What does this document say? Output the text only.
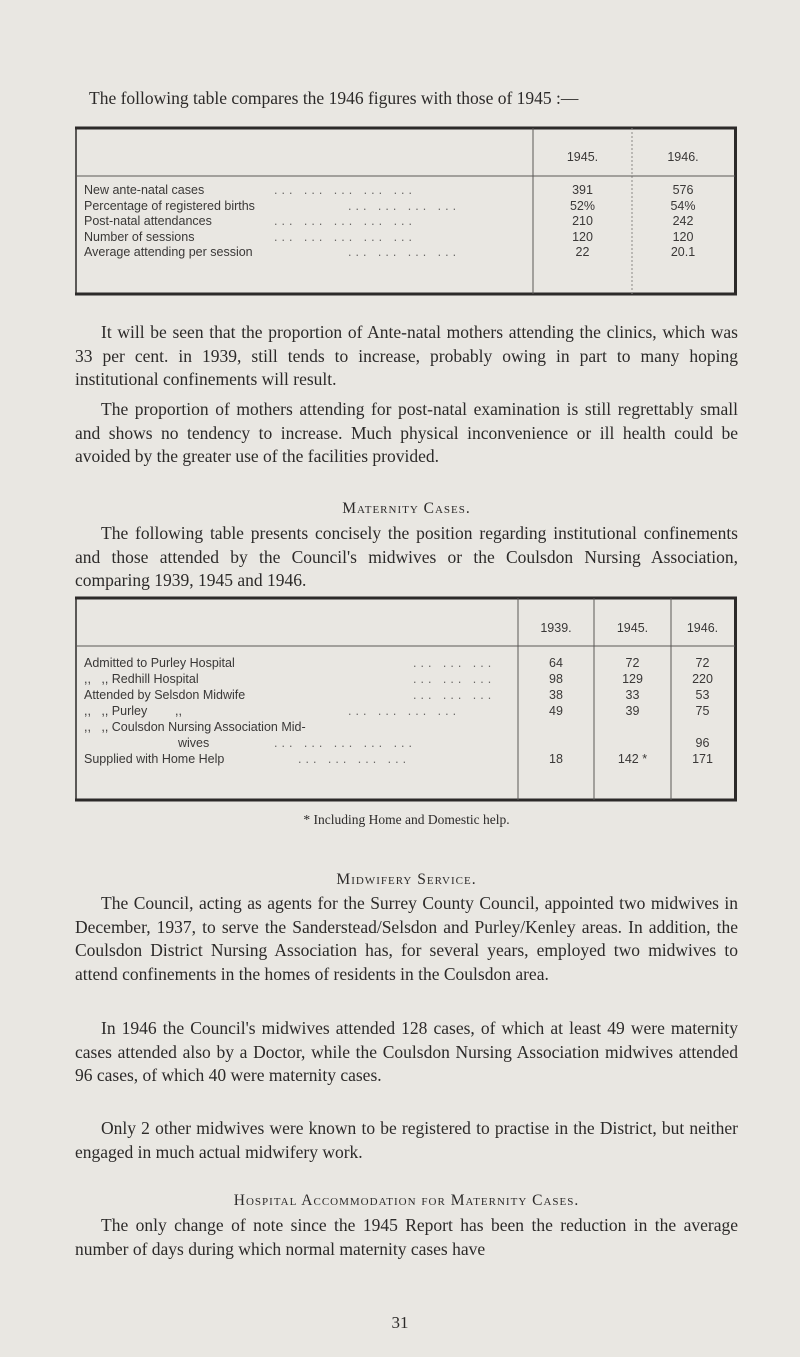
The following table compares the 1946 figures with those of 1945 :—

	1945.	1946.
New ante-natal cases ... ... ... ... ...	391	576
Percentage of registered births ... ... ... ...	52%	54%
Post-natal attendances ... ... ... ... ...	210	242
Number of sessions ... ... ... ... ...	120	120
Average attending per session ... ... ... ...	22	20.1

It will be seen that the proportion of Ante-natal mothers attending the clinics, which was 33 per cent. in 1939, still tends to increase, probably owing in part to many hoping institutional confinements will result.

The proportion of mothers attending for post-natal examination is still regrettably small and shows no tendency to increase. Much physical inconvenience or ill health could be avoided by the greater use of the facilities provided.

Maternity Cases.

The following table presents concisely the position regarding institutional confinements and those attended by the Council's midwives or the Coulsdon Nursing Association, comparing 1939, 1945 and 1946.

	1939.	1945.	1946.
Admitted to Purley Hospital ... ... ...	64	72	72
,,   ,, Redhill Hospital ... ... ...	98	129	220
Attended by Selsdon Midwife ... ... ...	38	33	53
,,   ,, Purley        ,, ... ... ... ...	49	39	75
,,   ,, Coulsdon Nursing Association Mid-			
wives ... ... ... ... ...			96
Supplied with Home Help ... ... ... ...	18	142 *	171

* Including Home and Domestic help.

Midwifery Service.

The Council, acting as agents for the Surrey County Council, appointed two midwives in December, 1937, to serve the Sanderstead/Selsdon and Purley/Kenley areas. In addition, the Coulsdon District Nursing Association has, for several years, employed two midwives to attend confinements in the homes of residents in the Coulsdon area.

In 1946 the Council's midwives attended 128 cases, of which at least 49 were maternity cases attended also by a Doctor, while the Coulsdon Nursing Association midwives attended 96 cases, of which 40 were maternity cases.

Only 2 other midwives were known to be registered to practise in the District, but neither engaged in much actual midwifery work.

Hospital Accommodation for Maternity Cases.

The only change of note since the 1945 Report has been the reduction in the average number of days during which normal maternity cases have

31
